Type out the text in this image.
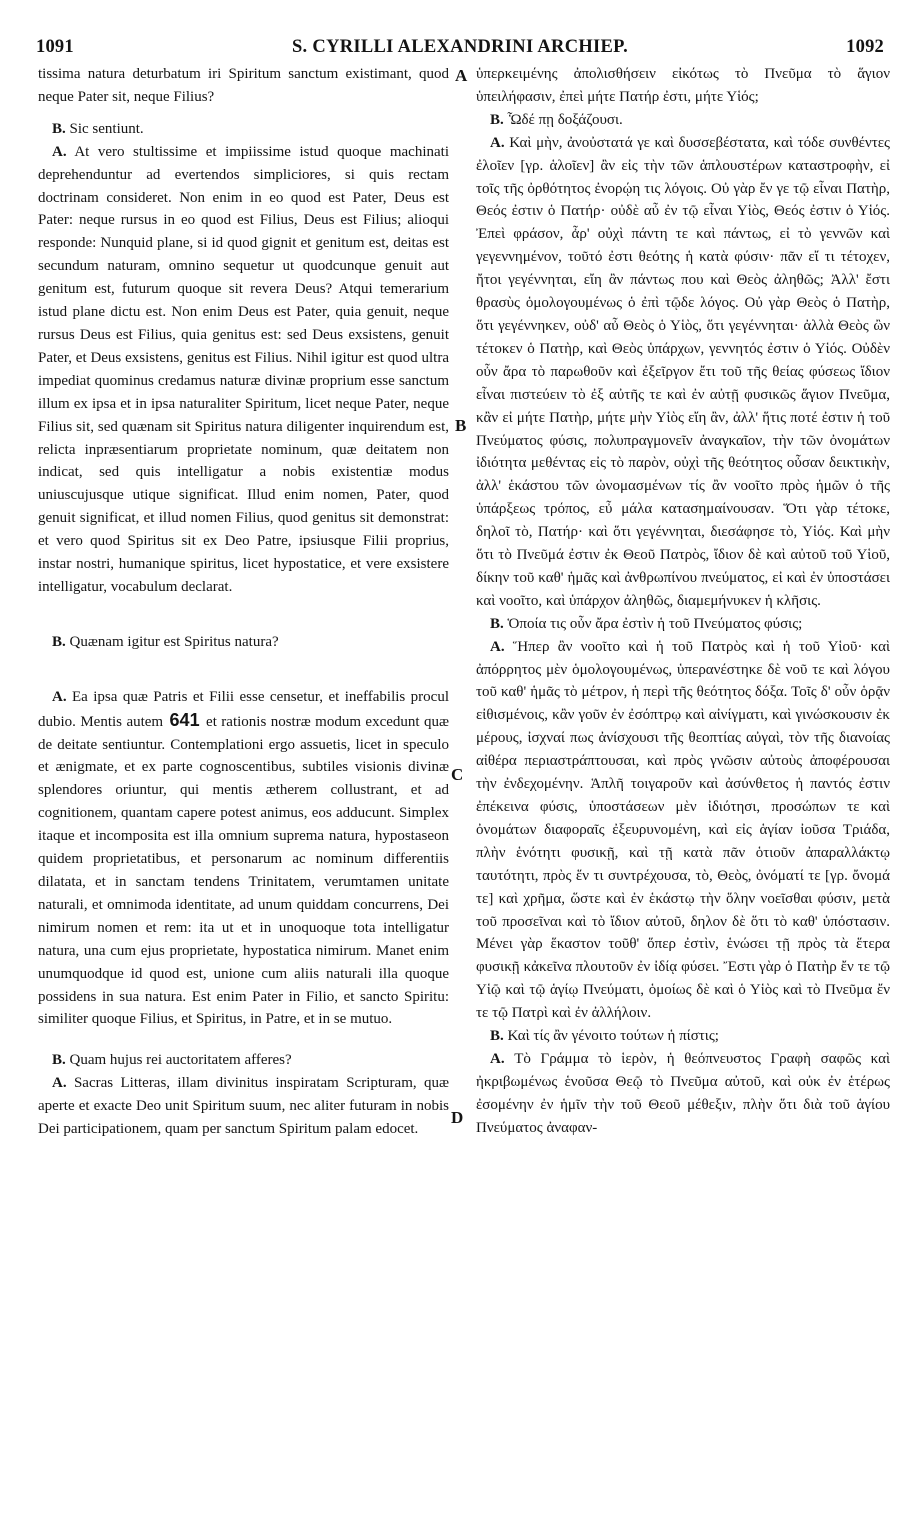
1091	S. CYRILLI ALEXANDRINI ARCHIEP.	1092
A
B
C
D

tissima natura deturbatum iri Spiritum sanctum existimant, quod neque Pater sit, neque Filius?

B. Sic sentiunt.

A. At vero stultissime et impiissime istud quoque machinati deprehenduntur ad evertendos simpliciores, si quis rectam doctrinam consideret. Non enim in eo quod est Pater, Deus est Pater: neque rursus in eo quod est Filius, Deus est Filius; alioqui responde: Nunquid plane, si id quod gignit et genitum est, deitas est secundum naturam, omnino sequetur ut quodcunque genuit aut genitum est, futurum quoque sit revera Deus? Atqui temerarium istud plane dictu est. Non enim Deus est Pater, quia genuit, neque rursus Deus est Filius, quia genitus est: sed Deus exsistens, genuit Pater, et Deus exsistens, genitus est Filius. Nihil igitur est quod ultra impediat quominus credamus naturæ divinæ proprium esse sanctum illum ex ipsa et in ipsa naturaliter Spiritum, licet neque Pater, neque Filius sit, sed quænam sit Spiritus natura diligenter inquirendum est, relicta inpræsentiarum proprietate nominum, quæ deitatem non indicat, sed quis intelligatur a nobis existentiæ modus uniuscujusque utique significat. Illud enim nomen, Pater, quod genuit significat, et illud nomen Filius, quod genitus sit demonstrat: et vero quod Spiritus sit ex Deo Patre, ipsiusque Filii proprius, instar nostri, humanique spiritus, licet hypostatice, et vere exsistere intelligatur, vocabulum declarat.

B. Quænam igitur est Spiritus natura?

A. Ea ipsa quæ Patris et Filii esse censetur, et ineffabilis procul dubio. Mentis autem 641 et rationis nostræ modum excedunt quæ de deitate sentiuntur. Contemplationi ergo assuetis, licet in speculo et ænigmate, et ex parte cognoscentibus, subtiles visionis divinæ splendores oriuntur, qui mentis ætherem collustrant, et ad cognitionem, quantam capere potest animus, eos adducunt. Simplex itaque et incomposita est illa omnium suprema natura, hypostaseon quidem proprietatibus, et personarum ac nominum differentiis dilatata, et in sanctam tendens Trinitatem, verumtamen unitate naturali, et omnimoda identitate, ad unum quiddam concurrens, Dei nimirum nomen et rem: ita ut et in unoquoque tota intelligatur natura, una cum ejus proprietate, hypostatica nimirum. Manet enim unumquodque id quod est, unione cum aliis naturali illa quoque possidens in sua natura. Est enim Pater in Filio, et sancto Spiritu: similiter quoque Filius, et Spiritus, in Patre, et in se mutuo.

B. Quam hujus rei auctoritatem afferes?

A. Sacras Litteras, illam divinitus inspiratam Scripturam, quæ aperte et exacte Deo unit Spiritum suum, nec aliter futuram in nobis Dei participationem, quam per sanctum Spiritum palam edocet.

ὑπερκειμένης ἀπολισθήσειν εἰκότως τὸ Πνεῦμα τὸ ἅγιον ὑπειλήφασιν, ἐπεὶ μήτε Πατήρ ἐστι, μήτε Υἱός;

B. Ὧδέ πῃ δοξάζουσι.

A. Καὶ μὴν, ἀνοὐστατά γε καὶ δυσσεβέστατα, καὶ τόδε συνθέντες ἐλοῖεν [γρ. ἁλοῖεν] ἂν εἰς τὴν τῶν ἁπλουστέρων καταστροφὴν, εἰ τοῖς τῆς ὀρθότητος ἐνορῴη τις λόγοις. Οὐ γὰρ ἔν γε τῷ εἶναι Πατὴρ, Θεός ἐστιν ὁ Πατήρ· οὐδὲ αὖ ἐν τῷ εἶναι Υἱὸς, Θεός ἐστιν ὁ Υἱός. Ἐπεὶ φράσον, ἆρ' οὐχὶ πάντη τε καὶ πάντως, εἰ τὸ γεννῶν καὶ γεγεννημένον, τοῦτό ἐστι θεότης ἡ κατὰ φύσιν· πᾶν εἴ τι τέτοχεν, ἤτοι γεγέννηται, εἴη ἂν πάντως που καὶ Θεὸς ἀληθῶς; Ἀλλ' ἔστι θρασὺς ὁμολογουμένως ὁ ἐπὶ τῷδε λόγος. Οὐ γὰρ Θεὸς ὁ Πατὴρ, ὅτι γεγέννηκεν, οὐδ' αὖ Θεὸς ὁ Υἱὸς, ὅτι γεγέννηται· ἀλλὰ Θεὸς ὢν τέτοκεν ὁ Πατὴρ, καὶ Θεὸς ὑπάρχων, γεννητός ἐστιν ὁ Υἱός. Οὐδὲν οὖν ἄρα τὸ παρωθοῦν καὶ ἐξεῖργον ἔτι τοῦ τῆς θείας φύσεως ἴδιον εἶναι πιστεύειν τὸ ἐξ αὐτῆς τε καὶ ἐν αὐτῇ φυσικῶς ἅγιον Πνεῦμα, κἂν εἰ μήτε Πατὴρ, μήτε μὴν Υἱὸς εἴη ἂν, ἀλλ' ἥτις ποτέ ἐστιν ἡ τοῦ Πνεύματος φύσις, πολυπραγμονεῖν ἀναγκαῖον, τὴν τῶν ὀνομάτων ἰδιότητα μεθέντας εἰς τὸ παρὸν, οὐχὶ τῆς θεότητος οὖσαν δεικτικὴν, ἀλλ' ἑκάστου τῶν ὠνομασμένων τίς ἂν νοοῖτο πρὸς ἡμῶν ὁ τῆς ὑπάρξεως τρόπος, εὖ μάλα κατασημαίνουσαν. Ὅτι γὰρ τέτοκε, δηλοῖ τὸ, Πατήρ· καὶ ὅτι γεγέννηται, διεσάφησε τὸ, Υἱός. Καὶ μὴν ὅτι τὸ Πνεῦμά ἐστιν ἐκ Θεοῦ Πατρὸς, ἴδιον δὲ καὶ αὐτοῦ τοῦ Υἱοῦ, δίκην τοῦ καθ' ἡμᾶς καὶ ἀνθρωπίνου πνεύματος, εἰ καὶ ἐν ὑποστάσει καὶ νοοῖτο, καὶ ὑπάρχον ἀληθῶς, διαμεμήνυκεν ἡ κλῆσις.

B. Ὁποία τις οὖν ἄρα ἐστὶν ἡ τοῦ Πνεύματος φύσις;

A. Ἥπερ ἂν νοοῖτο καὶ ἡ τοῦ Πατρὸς καὶ ἡ τοῦ Υἱοῦ· καὶ ἀπόρρητος μὲν ὁμολογουμένως, ὑπερανέστηκε δὲ νοῦ τε καὶ λόγου τοῦ καθ' ἡμᾶς τὸ μέτρον, ἡ περὶ τῆς θεότητος δόξα. Τοῖς δ' οὖν ὁρᾷν εἰθισμένοις, κἂν γοῦν ἐν ἐσόπτρῳ καὶ αἰνίγματι, καὶ γινώσκουσιν ἐκ μέρους, ἰσχναί πως ἀνίσχουσι τῆς θεοπτίας αὐγαὶ, τὸν τῆς διανοίας αἰθέρα περιαστράπτουσαι, καὶ πρὸς γνῶσιν αὐτοὺς ἀποφέρουσαι τὴν ἐνδεχομένην. Ἁπλῆ τοιγαροῦν καὶ ἀσύνθετος ἡ παντός ἐστιν ἐπέκεινα φύσις, ὑποστάσεων μὲν ἰδιότησι, προσώπων τε καὶ ὀνομάτων διαφοραῖς ἐξευρυνομένη, καὶ εἰς ἁγίαν ἰοῦσα Τριάδα, πλὴν ἑνότητι φυσικῇ, καὶ τῇ κατὰ πᾶν ὁτιοῦν ἀπαραλλάκτῳ ταυτότητι, πρὸς ἕν τι συντρέχουσα, τὸ, Θεὸς, ὀνόματί τε [γρ. ὄνομά τε] καὶ χρῆμα, ὥστε καὶ ἐν ἑκάστῳ τὴν ὅλην νοεῖσθαι φύσιν, μετὰ τοῦ προσεῖναι καὶ τὸ ἴδιον αὐτοῦ, δηλον δὲ ὅτι τὸ καθ' ὑπόστασιν. Μένει γὰρ ἕκαστον τοῦθ' ὅπερ ἐστὶν, ἑνώσει τῇ πρὸς τὰ ἕτερα φυσικῇ κἀκεῖνα πλουτοῦν ἐν ἰδίᾳ φύσει. Ἔστι γὰρ ὁ Πατὴρ ἔν τε τῷ Υἱῷ καὶ τῷ ἁγίῳ Πνεύματι, ὁμοίως δὲ καὶ ὁ Υἱὸς καὶ τὸ Πνεῦμα ἔν τε τῷ Πατρὶ καὶ ἐν ἀλλήλοιν.

B. Καὶ τίς ἂν γένοιτο τούτων ἡ πίστις;

A. Τὸ Γράμμα τὸ ἱερὸν, ἡ θεόπνευστος Γραφὴ σαφῶς καὶ ἠκριβωμένως ἑνοῦσα Θεῷ τὸ Πνεῦμα αὐτοῦ, καὶ οὐκ ἐν ἑτέρως ἐσομένην ἐν ἡμῖν τὴν τοῦ Θεοῦ μέθεξιν, πλὴν ὅτι διὰ τοῦ ἁγίου Πνεύματος ἀναφαν-
